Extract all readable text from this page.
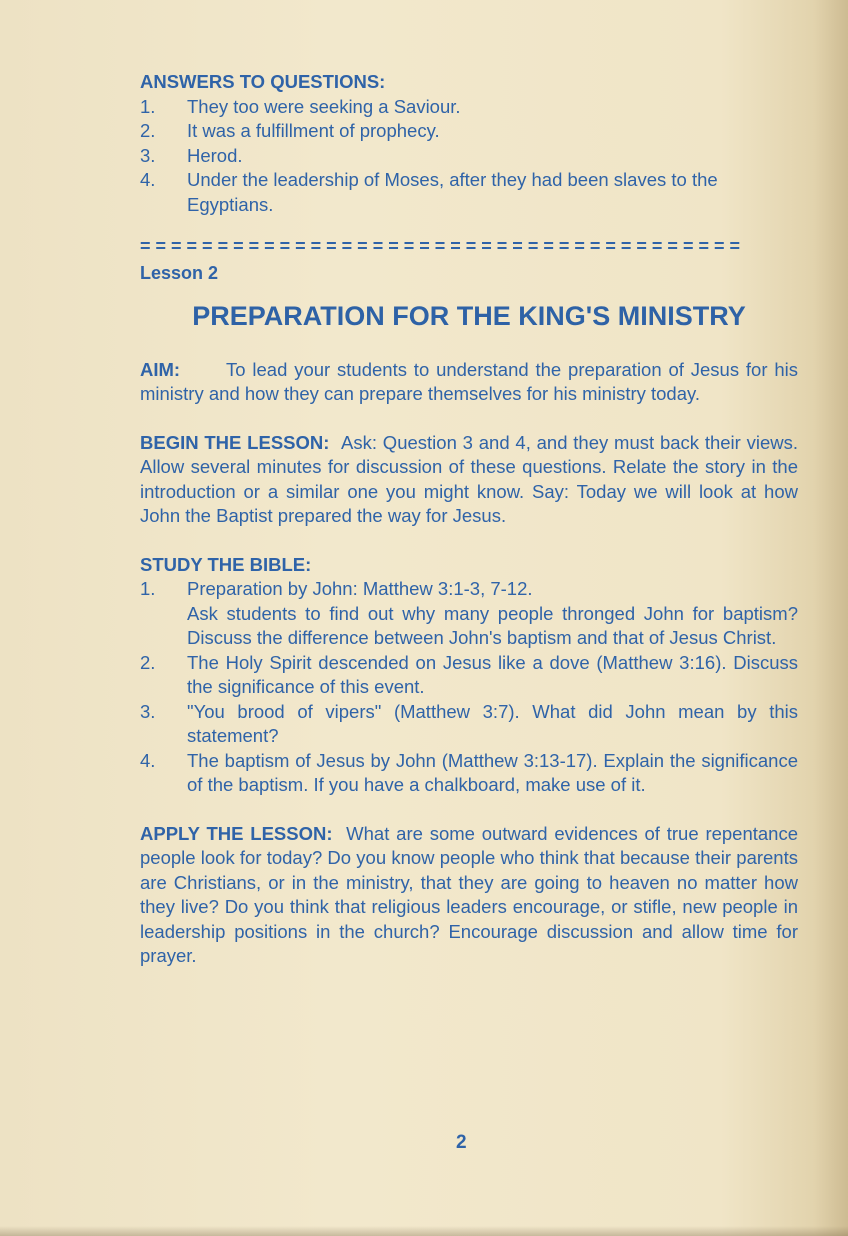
ANSWERS TO QUESTIONS:
1. They too were seeking a Saviour.
2. It was a fulfillment of prophecy.
3. Herod.
4. Under the leadership of Moses, after they had been slaves to the Egyptians.
= = = = = = = = = = = = = = = = = = = = = = = = = = = = = = = = = = = = = = =
Lesson 2
PREPARATION FOR THE KING'S MINISTRY
AIM: To lead your students to understand the preparation of Jesus for his ministry and how they can prepare themselves for his ministry today.
BEGIN THE LESSON: Ask: Question 3 and 4, and they must back their views. Allow several minutes for discussion of these questions. Relate the story in the introduction or a similar one you might know. Say: Today we will look at how John the Baptist prepared the way for Jesus.
STUDY THE BIBLE:
1. Preparation by John: Matthew 3:1-3, 7-12.
Ask students to find out why many people thronged John for baptism? Discuss the difference between John's baptism and that of Jesus Christ.
2. The Holy Spirit descended on Jesus like a dove (Matthew 3:16). Discuss the significance of this event.
3. "You brood of vipers" (Matthew 3:7). What did John mean by this statement?
4. The baptism of Jesus by John (Matthew 3:13-17). Explain the significance of the baptism. If you have a chalkboard, make use of it.
APPLY THE LESSON: What are some outward evidences of true repentance people look for today? Do you know people who think that because their parents are Christians, or in the ministry, that they are going to heaven no matter how they live? Do you think that religious leaders encourage, or stifle, new people in leadership positions in the church? Encourage discussion and allow time for prayer.
2
